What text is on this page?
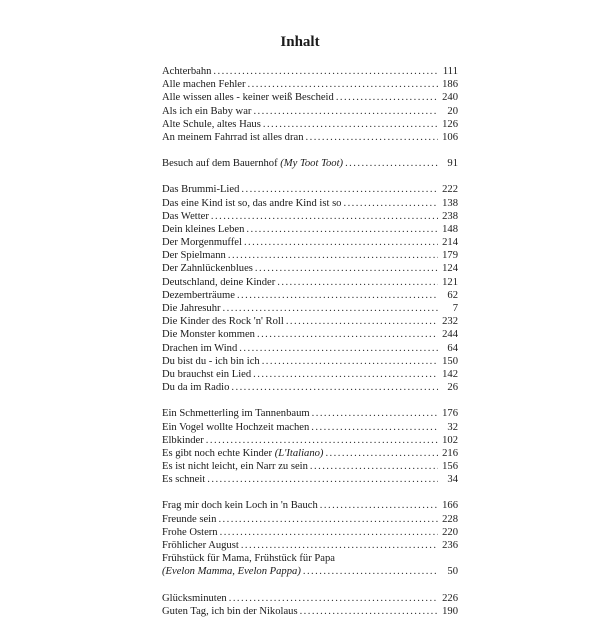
Inhalt
Achterbahn . . .	111
Alle machen Fehler . . .	186
Alle wissen alles - keiner weiß Bescheid . . .	240
Als ich ein Baby war . . .	20
Alte Schule, altes Haus . . .	126
An meinem Fahrrad ist alles dran . . .	106
Besuch auf dem Bauernhof (My Toot Toot) . . .	91
Das Brummi-Lied . . .	222
Das eine Kind ist so, das andre Kind ist so . . .	138
Das Wetter . . .	238
Dein kleines Leben . . .	148
Der Morgenmuffel . . .	214
Der Spielmann . . .	179
Der Zahnlückenblues . . .	124
Deutschland, deine Kinder . . .	121
Dezemberträume . . .	62
Die Jahresuhr . . .	7
Die Kinder des Rock 'n' Roll . . .	232
Die Monster kommen . . .	244
Drachen im Wind . . .	64
Du bist du - ich bin ich . . .	150
Du brauchst ein Lied . . .	142
Du da im Radio . . .	26
Ein Schmetterling im Tannenbaum . . .	176
Ein Vogel wollte Hochzeit machen . . .	32
Elbkinder . . .	102
Es gibt noch echte Kinder (L'Italiano) . . .	216
Es ist nicht leicht, ein Narr zu sein . . .	156
Es schneit . . .	34
Frag mir doch kein Loch in 'n Bauch . . .	166
Freunde sein . . .	228
Frohe Ostern . . .	220
Fröhlicher August . . .	236
Frühstück für Mama, Frühstück für Papa
(Evelon Mamma, Evelon Pappa) . . .	50
Glücksminuten . . .	226
Guten Tag, ich bin der Nikolaus . . .	190
